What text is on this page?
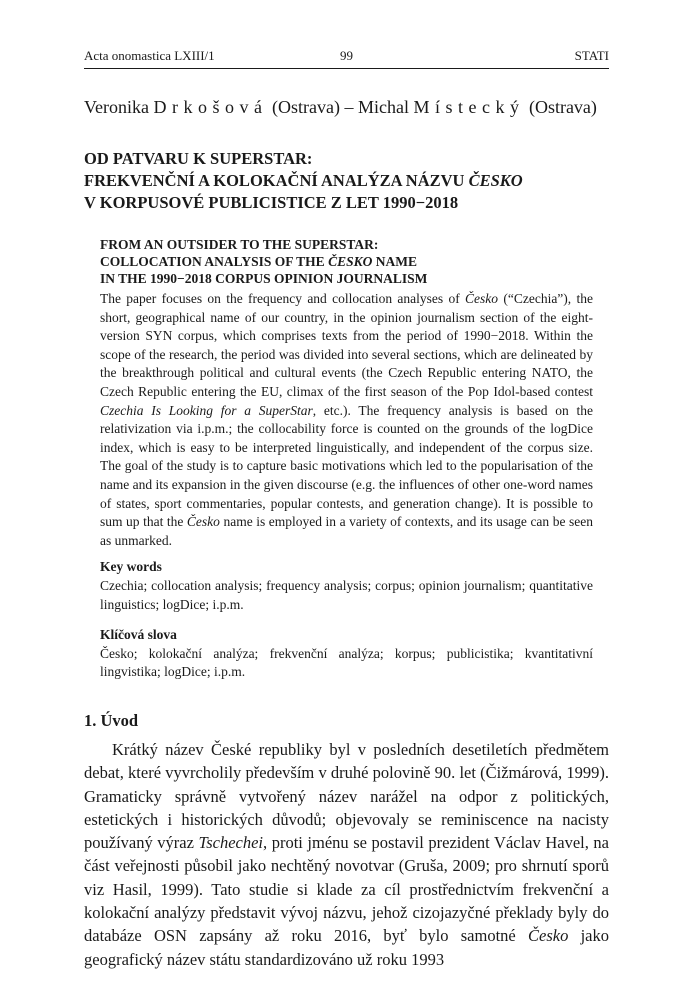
Acta onomastica LXIII/1	99	STATI
Veronika Drkošová (Ostrava) – Michal Místecký (Ostrava)
OD PATVARU K SUPERSTAR:
FREKVENČNÍ A KOLOKAČNÍ ANALÝZA NÁZVU ČESKO
V KORPUSOVÉ PUBLICISTICE Z LET 1990−2018
FROM AN OUTSIDER TO THE SUPERSTAR:
COLLOCATION ANALYSIS OF THE ČESKO NAME
IN THE 1990−2018 CORPUS OPINION JOURNALISM

The paper focuses on the frequency and collocation analyses of Česko (“Czechia”), the short, geographical name of our country, in the opinion journalism section of the eight-version SYN corpus, which comprises texts from the period of 1990−2018. Within the scope of the research, the period was divided into several sections, which are delineated by the breakthrough political and cultural events (the Czech Republic entering NATO, the Czech Republic entering the EU, climax of the first season of the Pop Idol-based contest Czechia Is Looking for a SuperStar, etc.). The frequency analysis is based on the relativization via i.p.m.; the collocability force is counted on the grounds of the logDice index, which is easy to be interpreted linguistically, and independent of the corpus size. The goal of the study is to capture basic motivations which led to the popularisation of the name and its expansion in the given discourse (e.g. the influences of other one-word names of states, sport commentaries, popular contests, and generation change). It is possible to sum up that the Česko name is employed in a variety of contexts, and its usage can be seen as unmarked.

Key words

Czechia; collocation analysis; frequency analysis; corpus; opinion journalism; quantitative linguistics; logDice; i.p.m.

Klíčová slova

Česko; kolokační analýza; frekvenční analýza; korpus; publicistika; kvantitativní lingvistika; logDice; i.p.m.

1. Úvod

Krátký název České republiky byl v posledních desetiletích předmětem debat, které vyvrcholily především v druhé polovině 90. let (Čižmárová, 1999). Gramaticky správně vytvořený název narážel na odpor z politických, estetických i historických důvodů; objevovaly se reminiscence na nacisty používaný výraz Tschechei, proti jménu se postavil prezident Václav Havel, na část veřejnosti působil jako nechtěný novotvar (Gruša, 2009; pro shrnutí sporů viz Hasil, 1999). Tato studie si klade za cíl prostřednictvím frekvenční a kolokační analýzy představit vývoj názvu, jehož cizojazyčné překlady byly do databáze OSN zapsány až roku 2016, byť bylo samotné Česko jako geografický název státu standardizováno už roku 1993
